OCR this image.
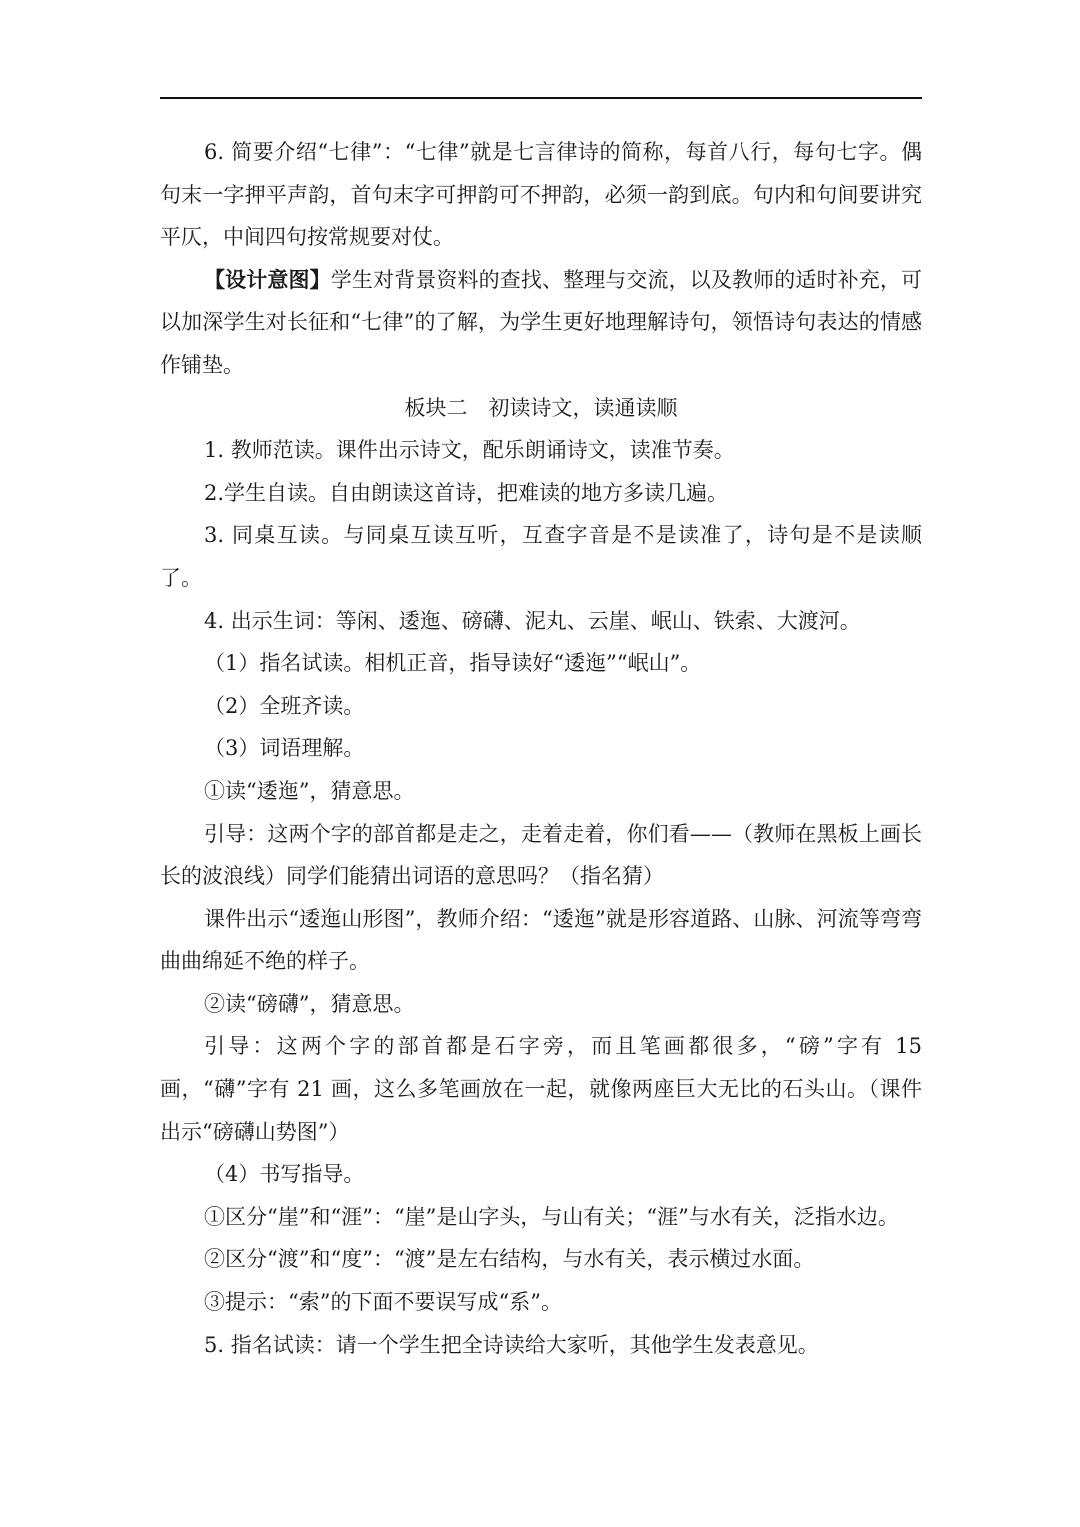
6. 简要介绍“七律”：“七律”就是七言律诗的简称，每首八行，每句七字。偶句末一字押平声韵，首句末字可押韵可不押韵，必须一韵到底。句内和句间要讲究平仄，中间四句按常规要对仗。

【设计意图】学生对背景资料的查找、整理与交流，以及教师的适时补充，可以加深学生对长征和“七律”的了解，为学生更好地理解诗句，领悟诗句表达的情感作铺垫。

板块二　初读诗文，读通读顺

1. 教师范读。课件出示诗文，配乐朗诵诗文，读准节奏。

2.学生自读。自由朗读这首诗，把难读的地方多读几遍。

3. 同桌互读。与同桌互读互听，互查字音是不是读准了，诗句是不是读顺了。

4. 出示生词：等闲、逶迤、磅礴、泥丸、云崖、岷山、铁索、大渡河。

（1）指名试读。相机正音，指导读好“逶迤”“岷山”。

（2）全班齐读。

（3）词语理解。

①读“逶迤”，猜意思。

引导：这两个字的部首都是走之，走着走着，你们看——（教师在黑板上画长长的波浪线）同学们能猜出词语的意思吗？（指名猜）

课件出示“逶迤山形图”，教师介绍：“逶迤”就是形容道路、山脉、河流等弯弯曲曲绵延不绝的样子。

②读“磅礴”，猜意思。

引导：这两个字的部首都是石字旁，而且笔画都很多，“磅”字有 15 画，“礴”字有 21 画，这么多笔画放在一起，就像两座巨大无比的石头山。（课件出示“磅礴山势图”）

（4）书写指导。

①区分“崖”和“涯”：“崖”是山字头，与山有关；“涯”与水有关，泛指水边。

②区分“渡”和“度”：“渡”是左右结构，与水有关，表示横过水面。

③提示：“索”的下面不要误写成“系”。

5. 指名试读：请一个学生把全诗读给大家听，其他学生发表意见。
